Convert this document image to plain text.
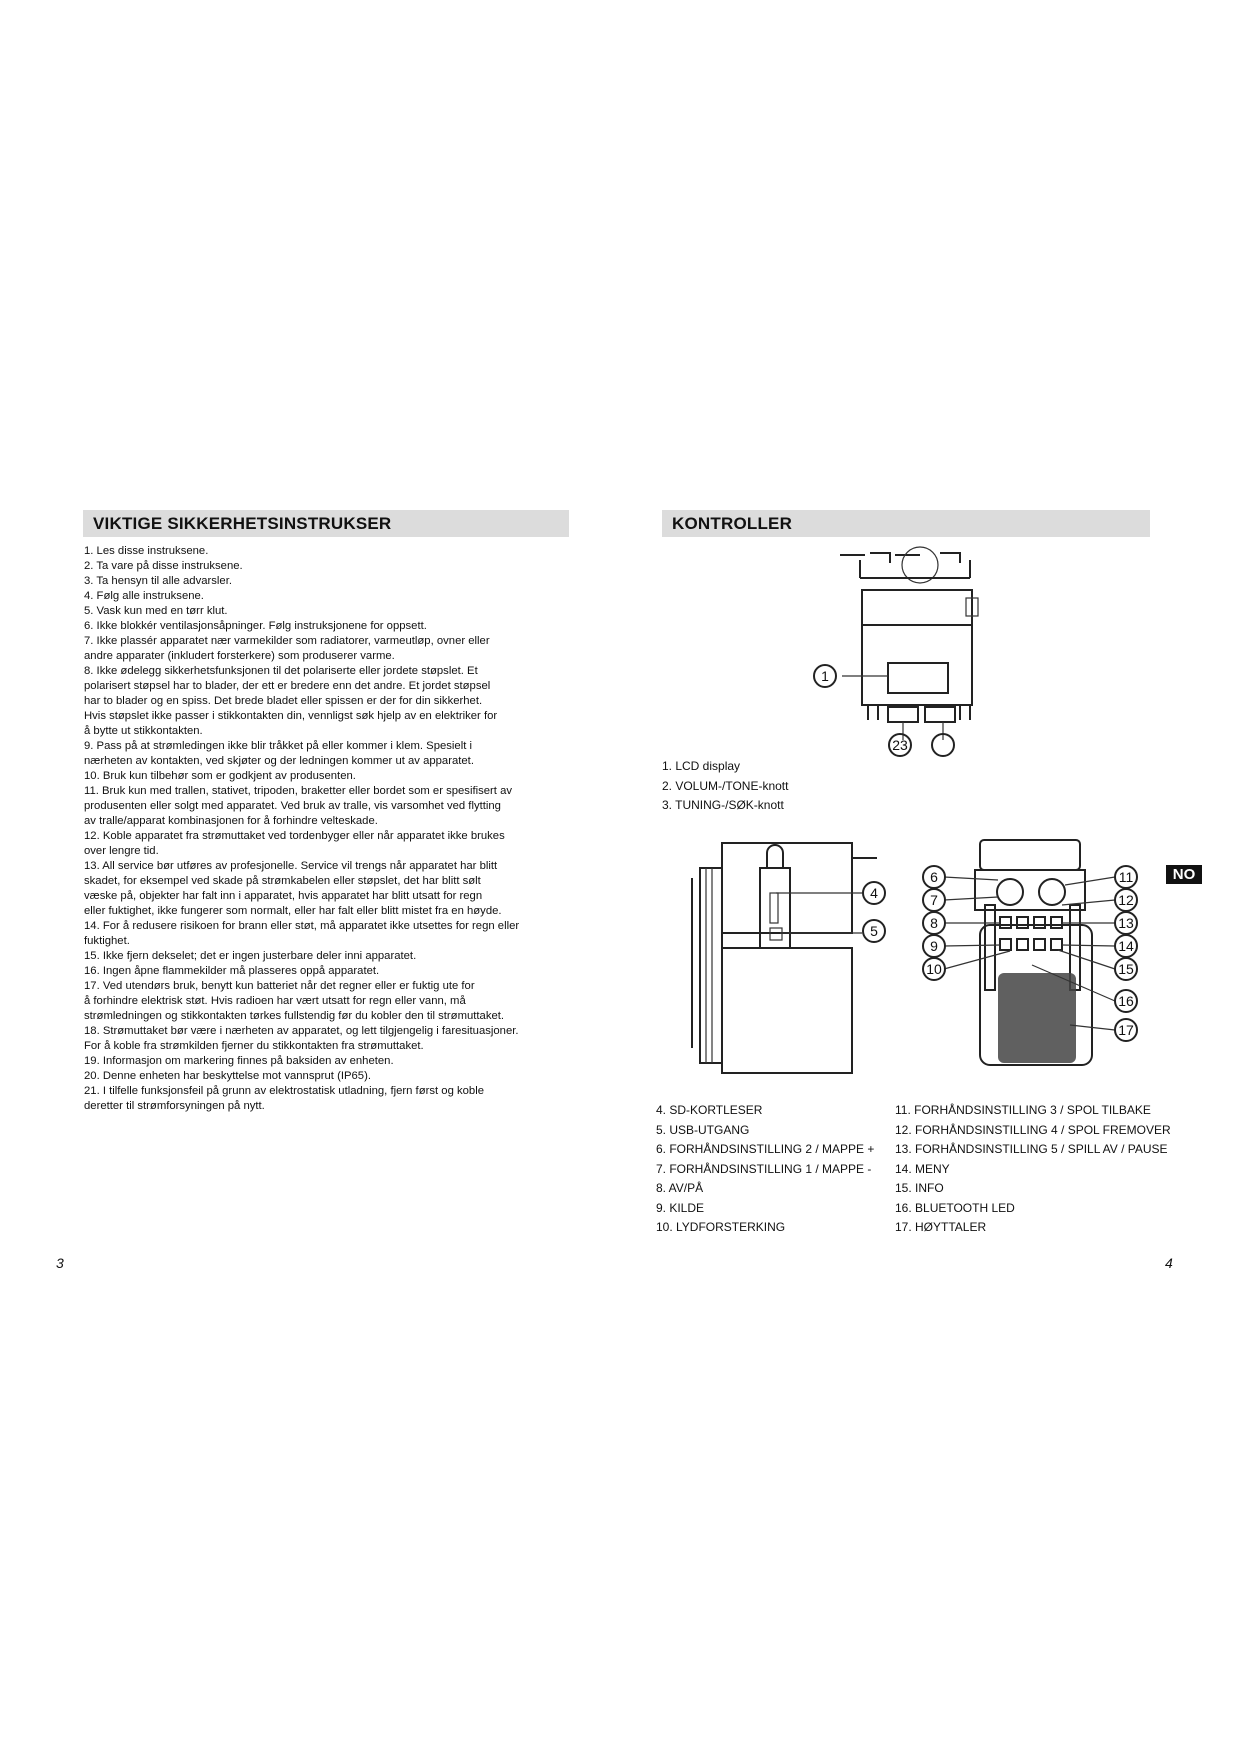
VIKTIGE SIKKERHETSINSTRUKSER
1. Les disse instruksene.
2. Ta vare på disse instruksene.
3. Ta hensyn til alle advarsler.
4. Følg alle instruksene.
5. Vask kun med en tørr klut.
6. Ikke blokkér ventilasjonsåpninger. Følg instruksjonene for oppsett.
7. Ikke plassér apparatet nær varmekilder som radiatorer, varmeutløp, ovner eller
andre apparater (inkludert forsterkere) som produserer varme.
8. Ikke ødelegg sikkerhetsfunksjonen til det polariserte eller jordete støpslet. Et
polarisert støpsel har to blader, der ett er bredere enn det andre. Et jordet støpsel
har to blader og en spiss. Det brede bladet eller spissen er der for din sikkerhet.
Hvis støpslet ikke passer i stikkontakten din, vennligst søk hjelp av en elektriker for
å bytte ut stikkontakten.
9. Pass på at strømledingen ikke blir tråkket på eller kommer i klem. Spesielt i
nærheten av kontakten, ved skjøter og der ledningen kommer ut av apparatet.
10. Bruk kun tilbehør som er godkjent av produsenten.
11. Bruk kun med trallen, stativet, tripoden, braketter eller bordet som er spesifisert av
produsenten eller solgt med apparatet. Ved bruk av tralle, vis varsomhet ved flytting
av tralle/apparat kombinasjonen for å forhindre velteskade.
12. Koble apparatet fra strømuttaket ved tordenbyger eller når apparatet ikke brukes
over lengre tid.
13. All service bør utføres av profesjonelle. Service vil trengs når apparatet har blitt
skadet, for eksempel ved skade på strømkabelen eller støpslet, det har blitt sølt
væske på, objekter har falt inn i apparatet, hvis apparatet har blitt utsatt for regn
eller fuktighet, ikke fungerer som normalt, eller har falt eller blitt mistet fra en høyde.
14. For å redusere risikoen for brann eller støt, må apparatet ikke utsettes for regn eller
fuktighet.
15. Ikke fjern dekselet; det er ingen justerbare deler inni apparatet.
16. Ingen åpne flammekilder må plasseres oppå apparatet.
17. Ved utendørs bruk, benytt kun batteriet når det regner eller er fuktig ute for
å forhindre elektrisk støt. Hvis radioen har vært utsatt for regn eller vann, må
strømledningen og stikkontakten tørkes fullstendig før du kobler den til strømuttaket.
18. Strømuttaket bør være i nærheten av apparatet, og lett tilgjengelig i faresituasjoner.
For å koble fra strømkilden fjerner du stikkontakten fra strømuttaket.
19. Informasjon om markering finnes på baksiden av enheten.
20. Denne enheten har beskyttelse mot vannsprut (IP65).
21. I tilfelle funksjonsfeil på grunn av elektrostatisk utladning, fjern først og koble
deretter til strømforsyningen på nytt.
3
KONTROLLER
1
23
1. LCD display
2. VOLUM-/TONE-knott
3. TUNING-/SØK-knott
4
5
6
7
8
9
10
11
12
13
14
15
16
17
NO
4. SD-KORTLESER
5. USB-UTGANG
6. FORHÅNDSINSTILLING 2 / MAPPE +
7. FORHÅNDSINSTILLING 1 / MAPPE -
8. AV/PÅ
9. KILDE
10. LYDFORSTERKING
11. FORHÅNDSINSTILLING 3 / SPOL TILBAKE
12. FORHÅNDSINSTILLING 4 / SPOL FREMOVER
13. FORHÅNDSINSTILLING 5 / SPILL AV / PAUSE
14. MENY
15. INFO
16. BLUETOOTH LED
17. HØYTTALER
4
